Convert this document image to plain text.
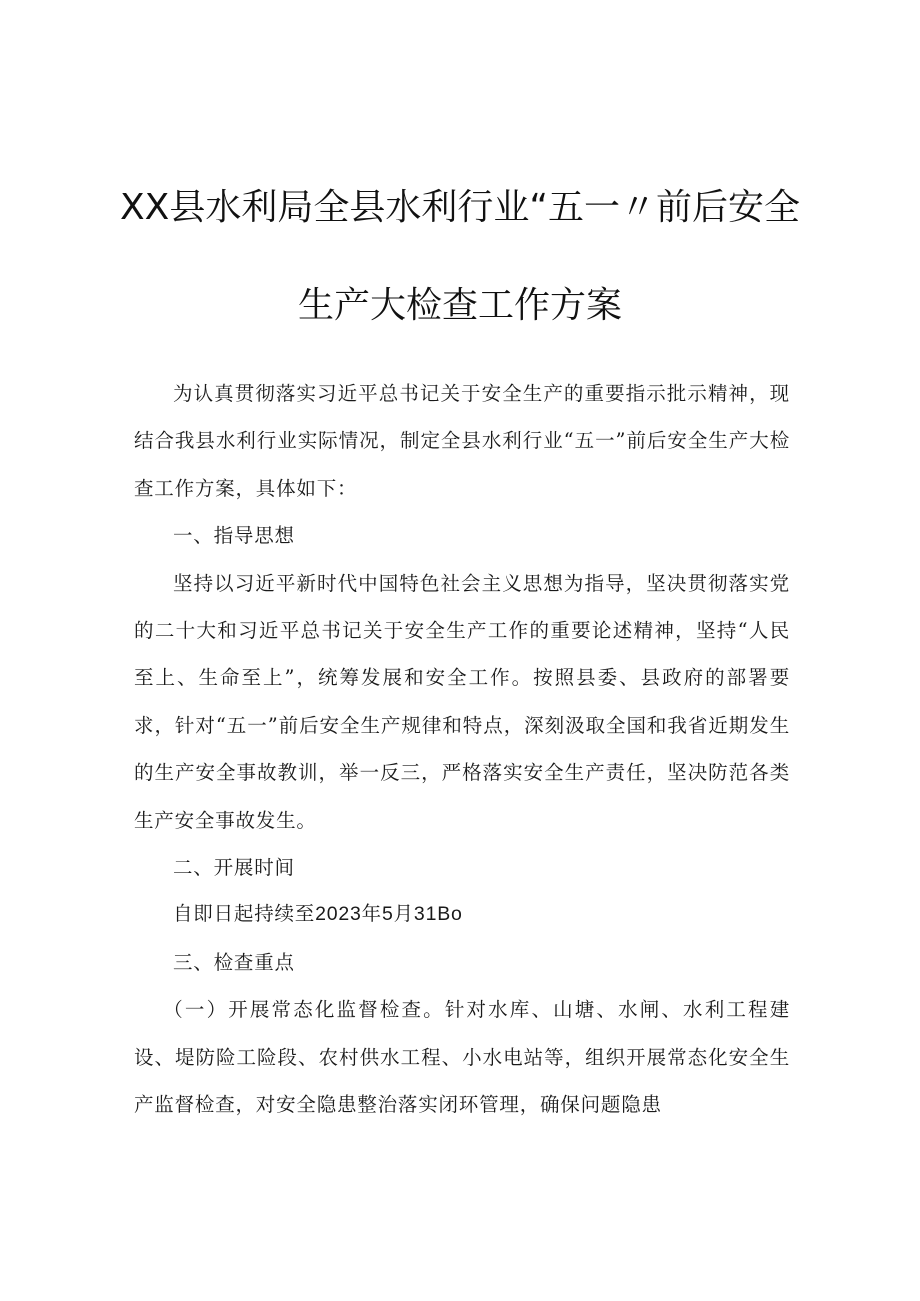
XX县水利局全县水利行业“五一〃前后安全
生产大检查工作方案

为认真贯彻落实习近平总书记关于安全生产的重要指示批示精神，现结合我县水利行业实际情况，制定全县水利行业“五一”前后安全生产大检查工作方案，具体如下：

一、指导思想

坚持以习近平新时代中国特色社会主义思想为指导，坚决贯彻落实党的二十大和习近平总书记关于安全生产工作的重要论述精神，坚持“人民至上、生命至上”，统筹发展和安全工作。按照县委、县政府的部署要求，针对“五一”前后安全生产规律和特点，深刻汲取全国和我省近期发生的生产安全事故教训，举一反三，严格落实安全生产责任，坚决防范各类生产安全事故发生。

二、开展时间

自即日起持续至2023年5月31Bo

三、检查重点

（一）开展常态化监督检查。针对水库、山塘、水闸、水利工程建设、堤防险工险段、农村供水工程、小水电站等，组织开展常态化安全生产监督检查，对安全隐患整治落实闭环管理，确保问题隐患
